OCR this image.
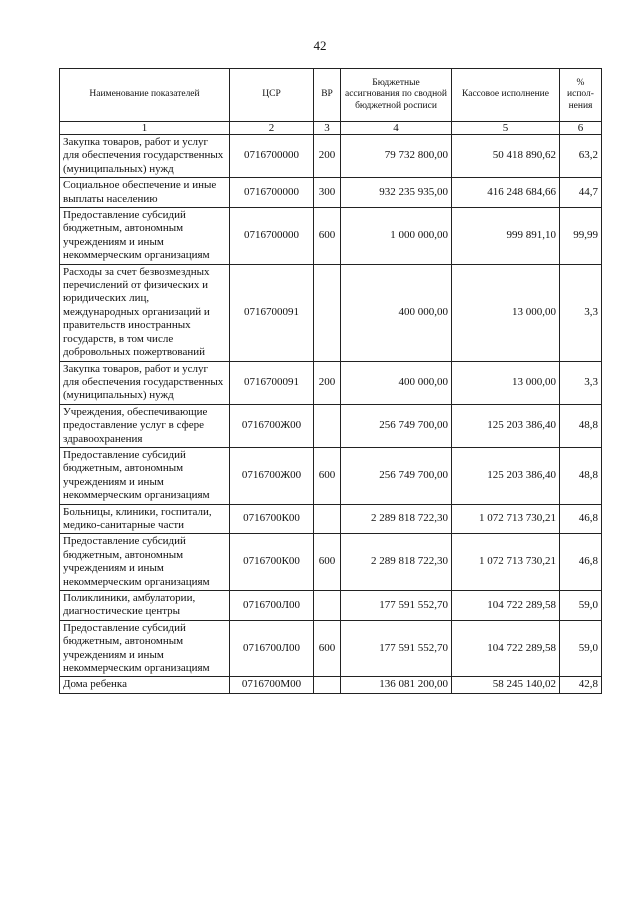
42
Наименование показателей	ЦСР	ВР	Бюджетные ассигнования по сводной бюджетной росписи	Кассовое исполнение	% испол-нения
1	2	3	4	5	6
Закупка товаров, работ и услуг для обеспечения государственных (муниципальных) нужд	0716700000	200	79 732 800,00	50 418 890,62	63,2
Социальное обеспечение и иные выплаты населению	0716700000	300	932 235 935,00	416 248 684,66	44,7
Предоставление субсидий бюджетным, автономным учреждениям и иным некоммерческим организациям	0716700000	600	1 000 000,00	999 891,10	99,99
Расходы за счет безвозмездных перечислений от физических и юридических лиц, международных организаций и правительств иностранных государств, в том числе добровольных пожертвований	0716700091		400 000,00	13 000,00	3,3
Закупка товаров, работ и услуг для обеспечения государственных (муниципальных) нужд	0716700091	200	400 000,00	13 000,00	3,3
Учреждения, обеспечивающие предоставление услуг в сфере здравоохранения	0716700Ж00		256 749 700,00	125 203 386,40	48,8
Предоставление субсидий бюджетным, автономным учреждениям и иным некоммерческим организациям	0716700Ж00	600	256 749 700,00	125 203 386,40	48,8
Больницы, клиники, госпитали, медико-санитарные части	0716700К00		2 289 818 722,30	1 072 713 730,21	46,8
Предоставление субсидий бюджетным, автономным учреждениям и иным некоммерческим организациям	0716700К00	600	2 289 818 722,30	1 072 713 730,21	46,8
Поликлиники, амбулатории, диагностические центры	0716700Л00		177 591 552,70	104 722 289,58	59,0
Предоставление субсидий бюджетным, автономным учреждениям и иным некоммерческим организациям	0716700Л00	600	177 591 552,70	104 722 289,58	59,0
Дома ребенка	0716700М00		136 081 200,00	58 245 140,02	42,8
